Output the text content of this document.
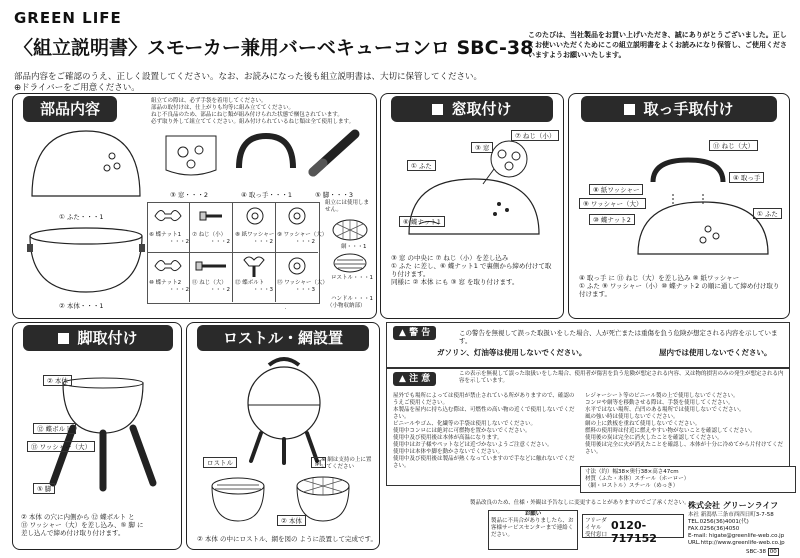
GREEN LIFE
〈組立説明書〉スモーカー兼用バーベキューコンロ SBC-38
このたびは、当社製品をお買い上げいただき、誠にありがとうございました。正しくお使いいただくためにこの組立説明書をよくお読みになり保管し、ご使用くださいますようお願いいたします。
部品内容をご確認のうえ、正しく設置してください。なお、お読みになった後も組立説明書は、大切に保管してください。
⊕ドライバーをご用意ください。
部品内容	組立ての際は、必ず手袋を着用してください。
部品の取付けは、仕上がりも均等に組み立ててください。
ねじ不良品のため、部品にねじ類が組み付けられた状態で梱包されています。
必ず取り外して組立ててください。組み付けられているねじ類は全て使用します。
① ふた・・・1
② 本体・・・1
③ 窓・・・2	④ 取っ手・・・1	⑤ 脚・・・3
⑥ 蝶ナット1
・・・2
⑦ ねじ（小）
・・・2
⑧ 紙ワッシャー
・・・2
⑨ ワッシャー（大）
・・・2
⑩ 蝶ナット2
・・・2
⑪ ねじ（大）
・・・2
⑫ 蝶ボルト
・・・3
⑬ ワッシャー（大）
・・・3
組立には使用しません。
網・・・1
ロストル・・・1
ハンドル・・・1
（小物収納部）
窓取付け
⑦ ねじ（小）
③ 窓
① ふた
⑥ 蝶ナット1
③ 窓 の中央に ⑦ ねじ（小）を差し込み
① ふた に差し、⑥ 蝶ナット1 で裏側から締め付けて取り付けます。
同様に ② 本体 にも ③ 窓 を取り付けます。
取っ手取付け
⑪ ねじ（大）
④ 取っ手
⑧ 紙ワッシャー
⑨ ワッシャー（大）
⑩ 蝶ナット2
① ふた
④ 取っ手 に ⑪ ねじ（大）を差し込み ⑧ 紙ワッシャー
① ふた ⑨ ワッシャー（小）⑩ 蝶ナット2 の順に通して締め付け取り付けます。
脚取付け
② 本体
⑫ 蝶ボルト
⑬ ワッシャー（大）
⑤ 脚
② 本体 の穴に内側から ⑫ 蝶ボルト と
⑬ ワッシャー（大）を差し込み、⑤ 脚 に
差し込んで締め付け取り付けます。
ロストル・網設置
ロストル	網 ※ 網は支持の上に置いてください
② 本体
② 本体 の中にロストル、網を図の ように設置して完成です。
▲ 警 告	この警告を無視して誤った取扱いをした場合、人が死亡または重傷を負う危険が想定される内容を示しています。
ガソリン、灯油等は使用しないでください。	屋内では使用しないでください。
▲ 注 意	この表示を無視して誤った取扱いをした場合、使用者が傷害を負う危険が想定される内容、又は物的損害のみの発生が想定される内容を示しています。
屋外でも場所によっては使用が禁止されている所がありますので、確認のうえご使用ください。
本製品を屋内に持ち込む際は、可燃性の高い物の近くで使用しないでください。
ビニールやゴム、化繊等の手袋は使用しないでください。
使用中コンロには絶対に可燃物を置かないでください。
使用中及び使用後は本体が高温になります。
使用中はお子様やペットなどは近づかないようご注意ください。
使用中は本体や脚を動かさないでください。
使用中及び使用後は製品が熱くなっていますので手などに触れないでください。
レジャーシート等のビニール製の上で使用しないでください。
コンロや網等を移動させる際は、手袋を使用してください。
水平ではない場所、凸凹のある場所では使用しないでください。
風の強い時は使用しないでください。
網の上に鉄板を重ねて使用しないでください。
燃料の使用時は付近に燃えやすい物がないことを確認してください。
使用後の炭は完全に消火したことを確認してください。
使用後は完全に火が消えたことを確認し、本体が十分に冷めてから片付けてください。
寸法（約）幅38×奥行38×高さ47cm
材質（ふた・本体）スチール（ホーロー）
（網・ロストル）スチール（めっき）
製品改良のため、仕様・外観は予告なしに変更することがありますのでご了承ください。
お願い
製品に不具合がありましたら、お客様サービスセンターまで連絡ください。
フリーダイヤル 受付窓口
0120-717152
株式会社 グリーンライフ
本社 新潟県三条市西四日町3-7-58
TEL.0256(36)4001(代)
FAX.0256(36)4050
E-mail: higate@greenlife-web.co.jp
URL.http://www.greenlife-web.co.jp
SBC-38 00
